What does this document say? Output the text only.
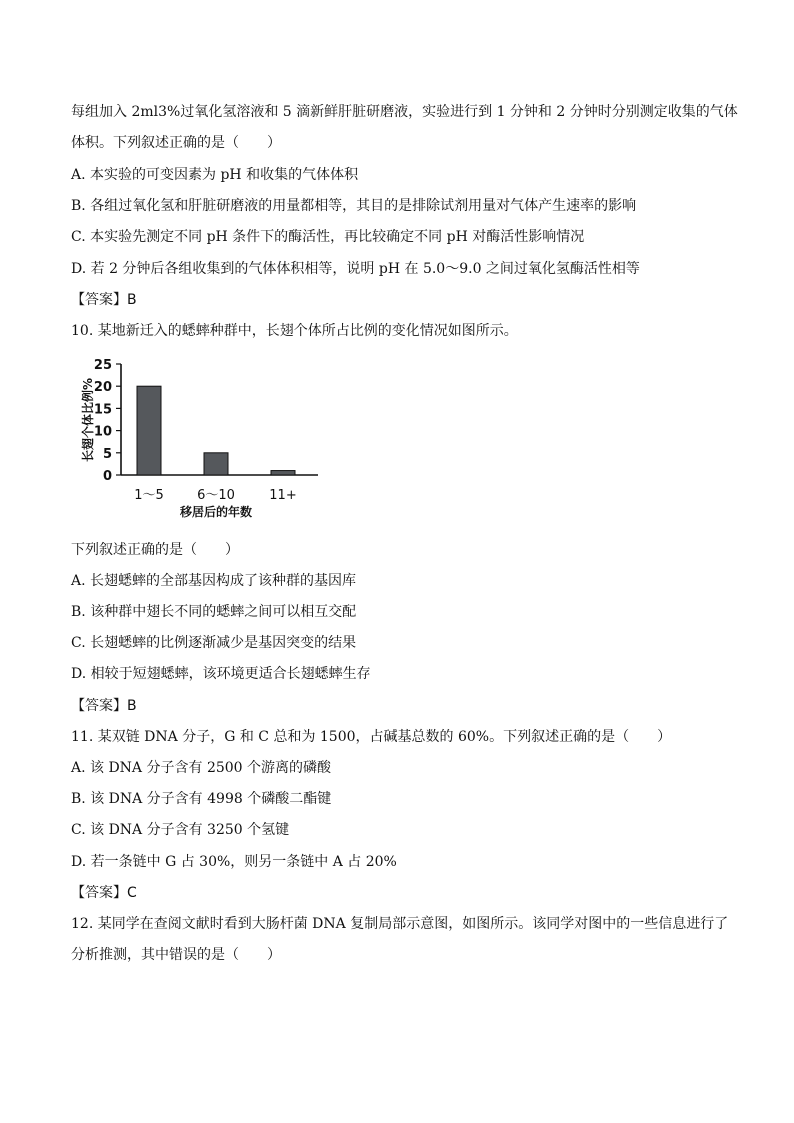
每组加入 2ml3%过氧化氢溶液和 5 滴新鲜肝脏研磨液，实验进行到 1 分钟和 2 分钟时分别测定收集的气体
体积。下列叙述正确的是（　　）
A. 本实验的可变因素为 pH 和收集的气体体积
B. 各组过氧化氢和肝脏研磨液的用量都相等，其目的是排除试剂用量对气体产生速率的影响
C. 本实验先测定不同 pH 条件下的酶活性，再比较确定不同 pH 对酶活性影响情况
D. 若 2 分钟后各组收集到的气体体积相等，说明 pH 在 5.0～9.0 之间过氧化氢酶活性相等
【答案】B
10. 某地新迁入的蟋蟀种群中，长翅个体所占比例的变化情况如图所示。
0
5
10
15
20
25
1～5	6～10	11+
移居后的年数
长翅个体比例%
下列叙述正确的是（　　）
A. 长翅蟋蟀的全部基因构成了该种群的基因库
B. 该种群中翅长不同的蟋蟀之间可以相互交配
C. 长翅蟋蟀的比例逐渐减少是基因突变的结果
D. 相较于短翅蟋蟀，该环境更适合长翅蟋蟀生存
【答案】B
11. 某双链 DNA 分子，G 和 C 总和为 1500，占碱基总数的 60%。下列叙述正确的是（　　）
A. 该 DNA 分子含有 2500 个游离的磷酸
B. 该 DNA 分子含有 4998 个磷酸二酯键
C. 该 DNA 分子含有 3250 个氢键
D. 若一条链中 G 占 30%，则另一条链中 A 占 20%
【答案】C
12. 某同学在查阅文献时看到大肠杆菌 DNA 复制局部示意图，如图所示。该同学对图中的一些信息进行了
分析推测，其中错误的是（　　）
